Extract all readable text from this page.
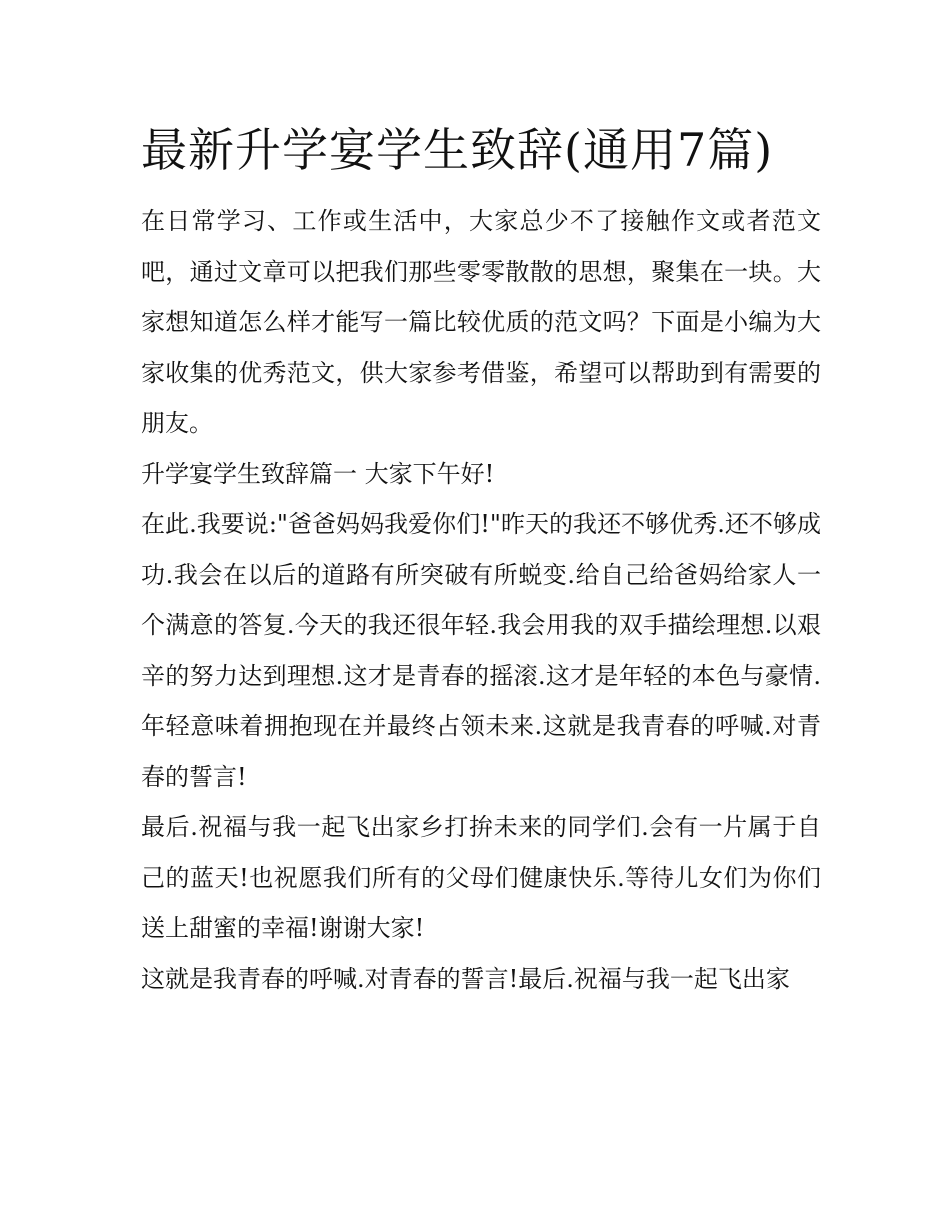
最新升学宴学生致辞(通用7篇)

在日常学习、工作或生活中，大家总少不了接触作文或者范文吧，通过文章可以把我们那些零零散散的思想，聚集在一块。大家想知道怎么样才能写一篇比较优质的范文吗？下面是小编为大家收集的优秀范文，供大家参考借鉴，希望可以帮助到有需要的朋友。

升学宴学生致辞篇一 大家下午好!

在此.我要说:"爸爸妈妈我爱你们!"昨天的我还不够优秀.还不够成功.我会在以后的道路有所突破有所蜕变.给自己给爸妈给家人一个满意的答复.今天的我还很年轻.我会用我的双手描绘理想.以艰辛的努力达到理想.这才是青春的摇滚.这才是年轻的本色与豪情.年轻意味着拥抱现在并最终占领未来.这就是我青春的呼喊.对青春的誓言!

最后.祝福与我一起飞出家乡打拚未来的同学们.会有一片属于自己的蓝天!也祝愿我们所有的父母们健康快乐.等待儿女们为你们送上甜蜜的幸福!谢谢大家!

这就是我青春的呼喊.对青春的誓言!最后.祝福与我一起飞出家
